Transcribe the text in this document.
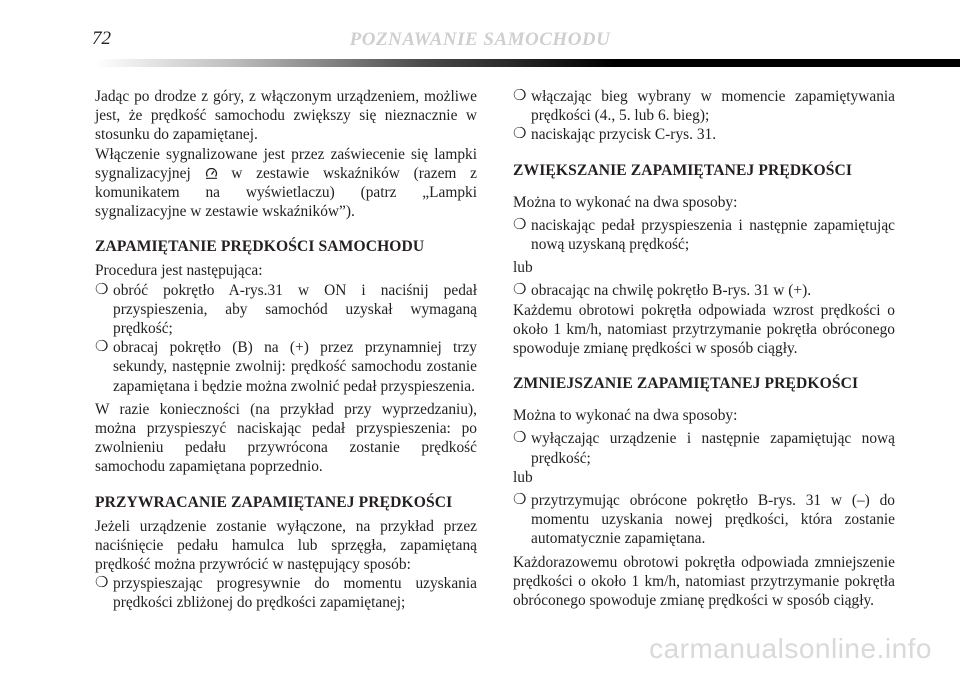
72	POZNAWANIE SAMOCHODU

Jadąc po drodze z góry, z włączonym urządzeniem, możliwe jest, że prędkość samochodu zwiększy się nieznacznie w stosunku do zapamiętanej.

Włączenie sygnalizowane jest przez zaświecenie się lampki sygnalizacyjnej	w zestawie wskaźników (razem z komunikatem na wyświetlaczu) (patrz „Lampki sygnalizacyjne w zestawie wskaźników”).

ZAPAMIĘTANIE PRĘDKOŚCI SAMOCHODU

Procedura jest następująca:

❍ obróć pokrętło A-rys.31 w ON i naciśnij pedał przyspieszenia, aby samochód uzyskał wymaganą prędkość;
❍ obracaj pokrętło (B) na (+) przez przynamniej trzy sekundy, następnie zwolnij: prędkość samochodu zostanie zapamiętana i będzie można zwolnić pedał przyspieszenia.

W razie konieczności (na przykład przy wyprzedzaniu), można przyspieszyć naciskając pedał przyspieszenia: po zwolnieniu pedału przywrócona zostanie prędkość samochodu zapamiętana poprzednio.

PRZYWRACANIE ZAPAMIĘTANEJ PRĘDKOŚCI

Jeżeli urządzenie zostanie wyłączone, na przykład przez naciśnięcie pedału hamulca lub sprzęgła, zapamiętaną prędkość można przywrócić w następujący sposób:

❍ przyspieszając progresywnie do momentu uzyskania prędkości zbliżonej do prędkości zapamiętanej;
❍ włączając bieg wybrany w momencie zapamiętywania prędkości (4., 5. lub 6. bieg);
❍ naciskając przycisk C-rys. 31.
ZWIĘKSZANIE ZAPAMIĘTANEJ PRĘDKOŚCI

Można to wykonać na dwa sposoby:

❍ naciskając pedał przyspieszenia i następnie zapamiętując nową uzyskaną prędkość;

lub

❍ obracając na chwilę pokrętło B-rys. 31 w (+).

Każdemu obrotowi pokrętła odpowiada wzrost prędkości o około 1 km/h, natomiast przytrzymanie pokrętła obróconego spowoduje zmianę prędkości w sposób ciągły.

ZMNIEJSZANIE ZAPAMIĘTANEJ PRĘDKOŚCI

Można to wykonać na dwa sposoby:

❍ wyłączając urządzenie i następnie zapamiętując nową prędkość;

lub

❍ przytrzymując obrócone pokrętło B-rys. 31 w (–) do momentu uzyskania nowej prędkości, która zostanie automatycznie zapamiętana.

Każdorazowemu obrotowi pokrętła odpowiada zmniejszenie prędkości o około 1 km/h, natomiast przytrzymanie pokrętła obróconego spowoduje zmianę prędkości w sposób ciągły.

carmanualsonline.info
